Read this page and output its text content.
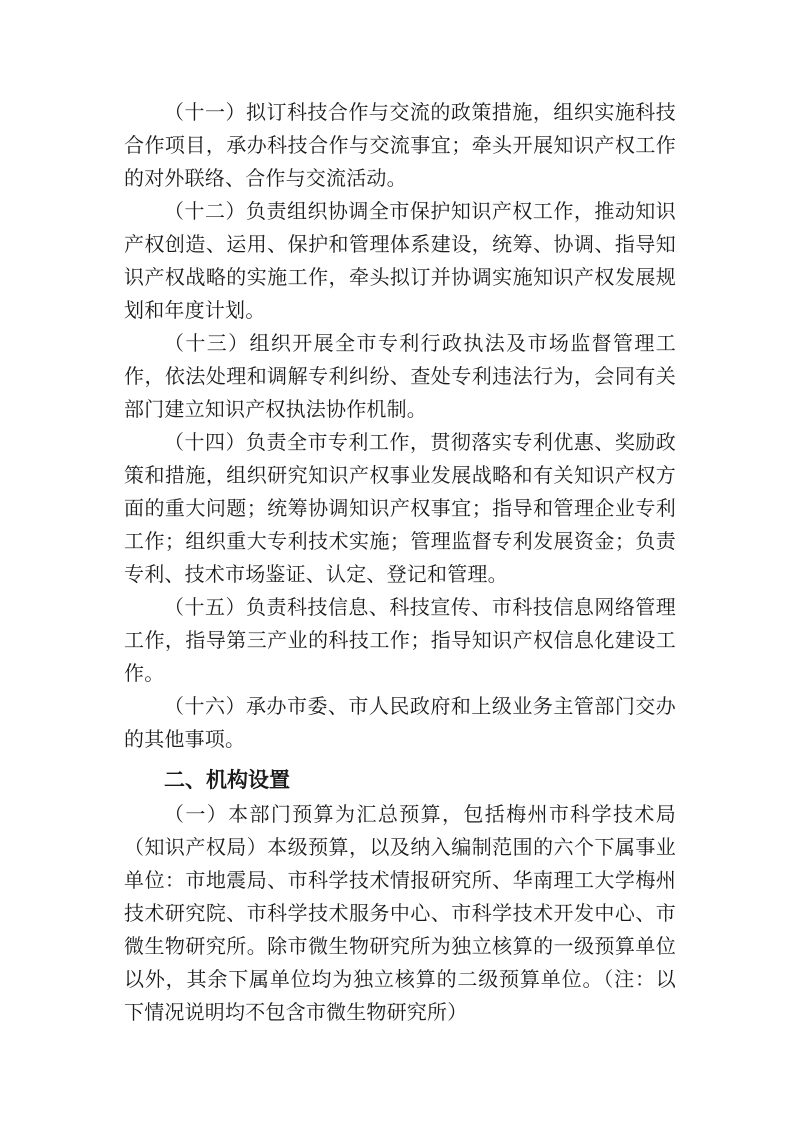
（十一）拟订科技合作与交流的政策措施，组织实施科技合作项目，承办科技合作与交流事宜；牵头开展知识产权工作的对外联络、合作与交流活动。

（十二）负责组织协调全市保护知识产权工作，推动知识产权创造、运用、保护和管理体系建设，统筹、协调、指导知识产权战略的实施工作，牵头拟订并协调实施知识产权发展规划和年度计划。

（十三）组织开展全市专利行政执法及市场监督管理工作，依法处理和调解专利纠纷、查处专利违法行为，会同有关部门建立知识产权执法协作机制。

（十四）负责全市专利工作，贯彻落实专利优惠、奖励政策和措施，组织研究知识产权事业发展战略和有关知识产权方面的重大问题；统筹协调知识产权事宜；指导和管理企业专利工作；组织重大专利技术实施；管理监督专利发展资金；负责专利、技术市场鉴证、认定、登记和管理。

（十五）负责科技信息、科技宣传、市科技信息网络管理工作，指导第三产业的科技工作；指导知识产权信息化建设工作。

（十六）承办市委、市人民政府和上级业务主管部门交办的其他事项。

二、机构设置

（一）本部门预算为汇总预算，包括梅州市科学技术局（知识产权局）本级预算，以及纳入编制范围的六个下属事业单位：市地震局、市科学技术情报研究所、华南理工大学梅州技术研究院、市科学技术服务中心、市科学技术开发中心、市微生物研究所。除市微生物研究所为独立核算的一级预算单位以外，其余下属单位均为独立核算的二级预算单位。（注：以下情况说明均不包含市微生物研究所）
